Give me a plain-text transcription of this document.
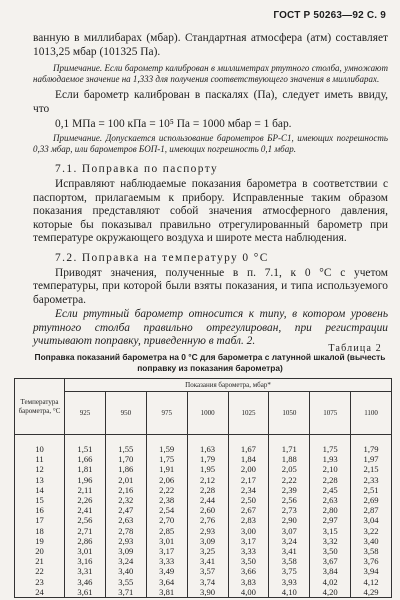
ГОСТ Р 50263—92 С. 9

ванную в миллибарах (мбар). Стандартная атмосфера (атм) составляет 1013,25 мбар (101325 Па).

Примечание. Если барометр калиброван в миллиметрах ртутного столба, умножают наблюдаемое значение на 1,333 для получения соответствующего значения в миллибарах.

Если барометр калиброван в паскалях (Па), следует иметь ввиду, что

0,1 МПа = 100 кПа = 10⁵ Па = 1000 мбар = 1 бар.

Примечание. Допускается использование барометров БР-С1, имеющих погрешность 0,33 мбар, или барометров БОП-1, имеющих погрешность 0,1 мбар.

7.1. Поправка по паспорту

Исправляют наблюдаемые показания барометра в соответствии с паспортом, прилагаемым к прибору. Исправленные таким образом показания представляют собой значения атмосферного давления, которые бы показывал правильно отрегулированный барометр при температуре окружающего воздуха и широте места наблюдения.

7.2. Поправка на температуру 0 °С

Приводят значения, полученные в п. 7.1, к 0 °С с учетом температуры, при которой были взяты показания, и типа используемого барометра.

Если ртутный барометр относится к типу, в котором уровень ртутного столба правильно отрегулирован, при регистрации учитывают поправку, приведенную в табл. 2.

Таблица 2
Поправка показаний барометра на 0 °С для барометра с латунной шкалой (вычесть поправку из показания барометра)
Температура барометра, °С	Показания барометра, мбар*							
	925	950	975	1000	1025	1050	1075	1100
10	1,51	1,55	1,59	1,63	1,67	1,71	1,75	1,79
11	1,66	1,70	1,75	1,79	1,84	1,88	1,93	1,97
12	1,81	1,86	1,91	1,95	2,00	2,05	2,10	2,15
13	1,96	2,01	2,06	2,12	2,17	2,22	2,28	2,33
14	2,11	2,16	2,22	2,28	2,34	2,39	2,45	2,51
15	2,26	2,32	2,38	2,44	2,50	2,56	2,63	2,69
16	2,41	2,47	2,54	2,60	2,67	2,73	2,80	2,87
17	2,56	2,63	2,70	2,76	2,83	2,90	2,97	3,04
18	2,71	2,78	2,85	2,93	3,00	3,07	3,15	3,22
19	2,86	2,93	3,01	3,09	3,17	3,24	3,32	3,40
20	3,01	3,09	3,17	3,25	3,33	3,41	3,50	3,58
21	3,16	3,24	3,33	3,41	3,50	3,58	3,67	3,76
22	3,31	3,40	3,49	3,57	3,66	3,75	3,84	3,94
23	3,46	3,55	3,64	3,74	3,83	3,93	4,02	4,12
24	3,61	3,71	3,81	3,90	4,00	4,10	4,20	4,29
